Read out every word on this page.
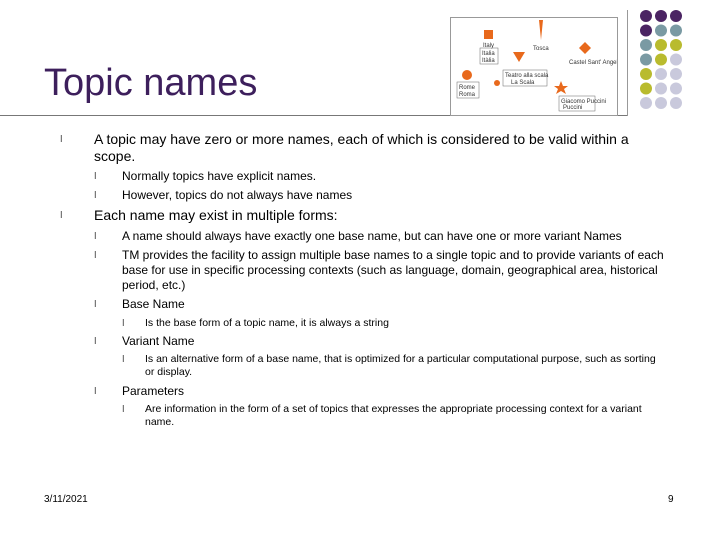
Topic names
Italy
Italia
Itàlia
Tosca
Castel Sant' Angelo
Rome
Roma
Teatro alla scala
La Scala
Giacomo Puccini
Puccini
l A topic may have zero or more names, each of which is considered to be valid within a scope.
l Normally topics have explicit names.
l However, topics do not always have names
l Each name may exist in multiple forms:
l A name should always have exactly one base name, but can have one or more variant Names
l TM provides the facility to assign multiple base names to a single topic and to provide variants of each base for use in specific processing contexts (such as language, domain, geographical area, historical period, etc.)
l Base Name
l Is the base form of a topic name, it is always a string
l Variant Name
l Is an alternative form of a base name, that is optimized for a particular computational purpose, such as sorting or display.
l Parameters
l Are information in the form of a set of topics that expresses the appropriate processing context for a variant name.
3/11/2021	9
